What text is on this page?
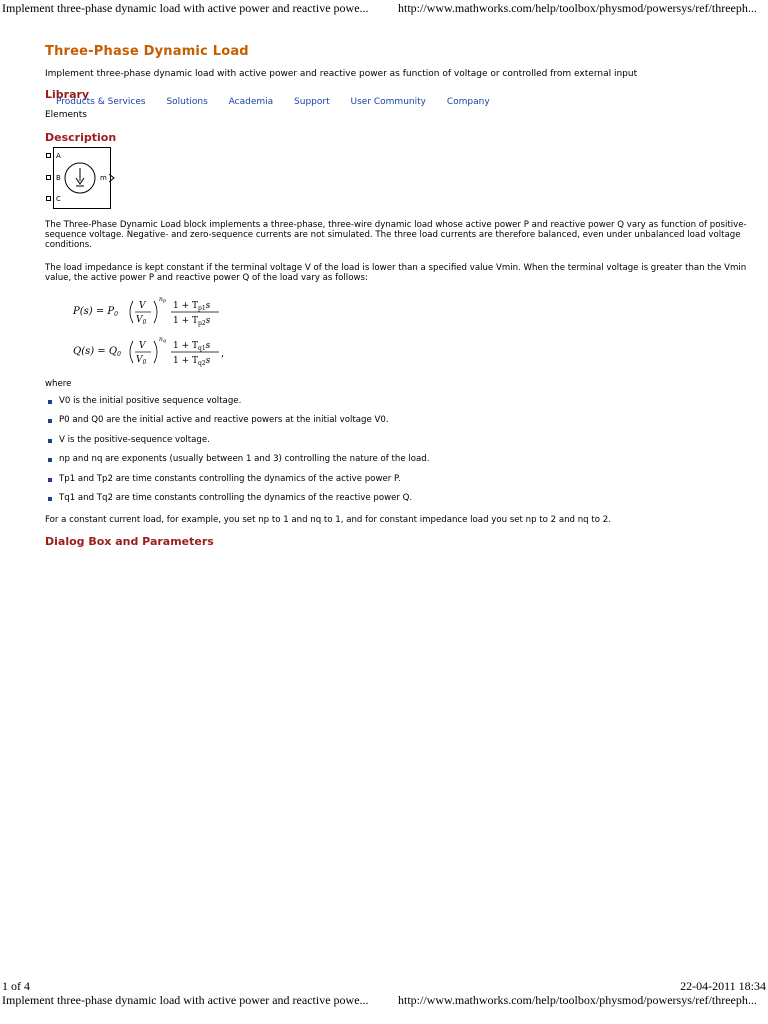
Implement three-phase dynamic load with active power and reactive powe... http://www.mathworks.com/help/toolbox/physmod/powersys/ref/threeph...
Three-Phase Dynamic Load
Implement three-phase dynamic load with active power and reactive power as function of voltage or controlled from external input
Library
Products & Services Solutions Academia Support User Community Company
Elements
Description
A
B
C
m
The Three-Phase Dynamic Load block implements a three-phase, three-wire dynamic load whose active power P and reactive power Q vary as function of positive-sequence voltage. Negative- and zero-sequence currents are not simulated. The three load currents are therefore balanced, even under unbalanced load voltage conditions.
The load impedance is kept constant if the terminal voltage V of the load is lower than a specified value Vmin. When the terminal voltage is greater than the Vmin value, the active power P and reactive power Q of the load vary as follows:
$P(s) = P_0$
V
$V_0$
np $1 + T_{p1}s$
$1 + T_{p2}s$
$Q(s) = Q_0$
V
$V_0$
nq $1 + T_{q1}s$
$1 + T_{q2}s$
,
where
V0 is the initial positive sequence voltage.
P0 and Q0 are the initial active and reactive powers at the initial voltage V0.
V is the positive-sequence voltage.
np and nq are exponents (usually between 1 and 3) controlling the nature of the load.
Tp1 and Tp2 are time constants controlling the dynamics of the active power P.
Tq1 and Tq2 are time constants controlling the dynamics of the reactive power Q.
For a constant current load, for example, you set np to 1 and nq to 1, and for constant impedance load you set np to 2 and nq to 2.
Dialog Box and Parameters
1 of 4	22-04-2011 18:34
Implement three-phase dynamic load with active power and reactive powe... http://www.mathworks.com/help/toolbox/physmod/powersys/ref/threeph...
